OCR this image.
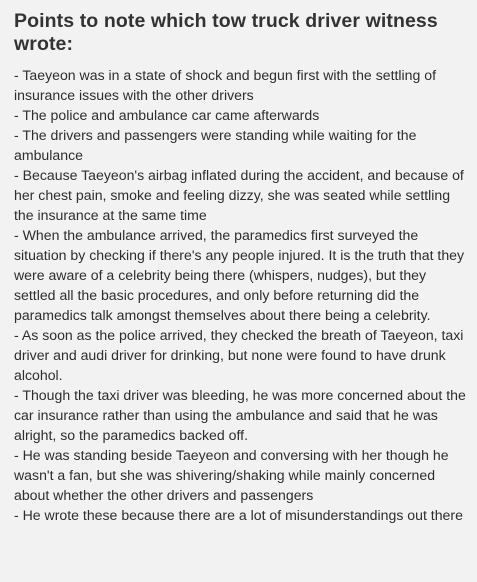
Points to note which tow truck driver witness wrote:
- Taeyeon was in a state of shock and begun first with the settling of insurance issues with the other drivers
- The police and ambulance car came afterwards
- The drivers and passengers were standing while waiting for the ambulance
- Because Taeyeon's airbag inflated during the accident, and because of her chest pain, smoke and feeling dizzy, she was seated while settling the insurance at the same time
- When the ambulance arrived, the paramedics first surveyed the situation by checking if there's any people injured. It is the truth that they were aware of a celebrity being there (whispers, nudges), but they settled all the basic procedures, and only before returning did the paramedics talk amongst themselves about there being a celebrity.
- As soon as the police arrived, they checked the breath of Taeyeon, taxi driver and audi driver for drinking, but none were found to have drunk alcohol.
- Though the taxi driver was bleeding, he was more concerned about the car insurance rather than using the ambulance and said that he was alright, so the paramedics backed off.
- He was standing beside Taeyeon and conversing with her though he wasn't a fan, but she was shivering/shaking while mainly concerned about whether the other drivers and passengers
- He wrote these because there are a lot of misunderstandings out there
